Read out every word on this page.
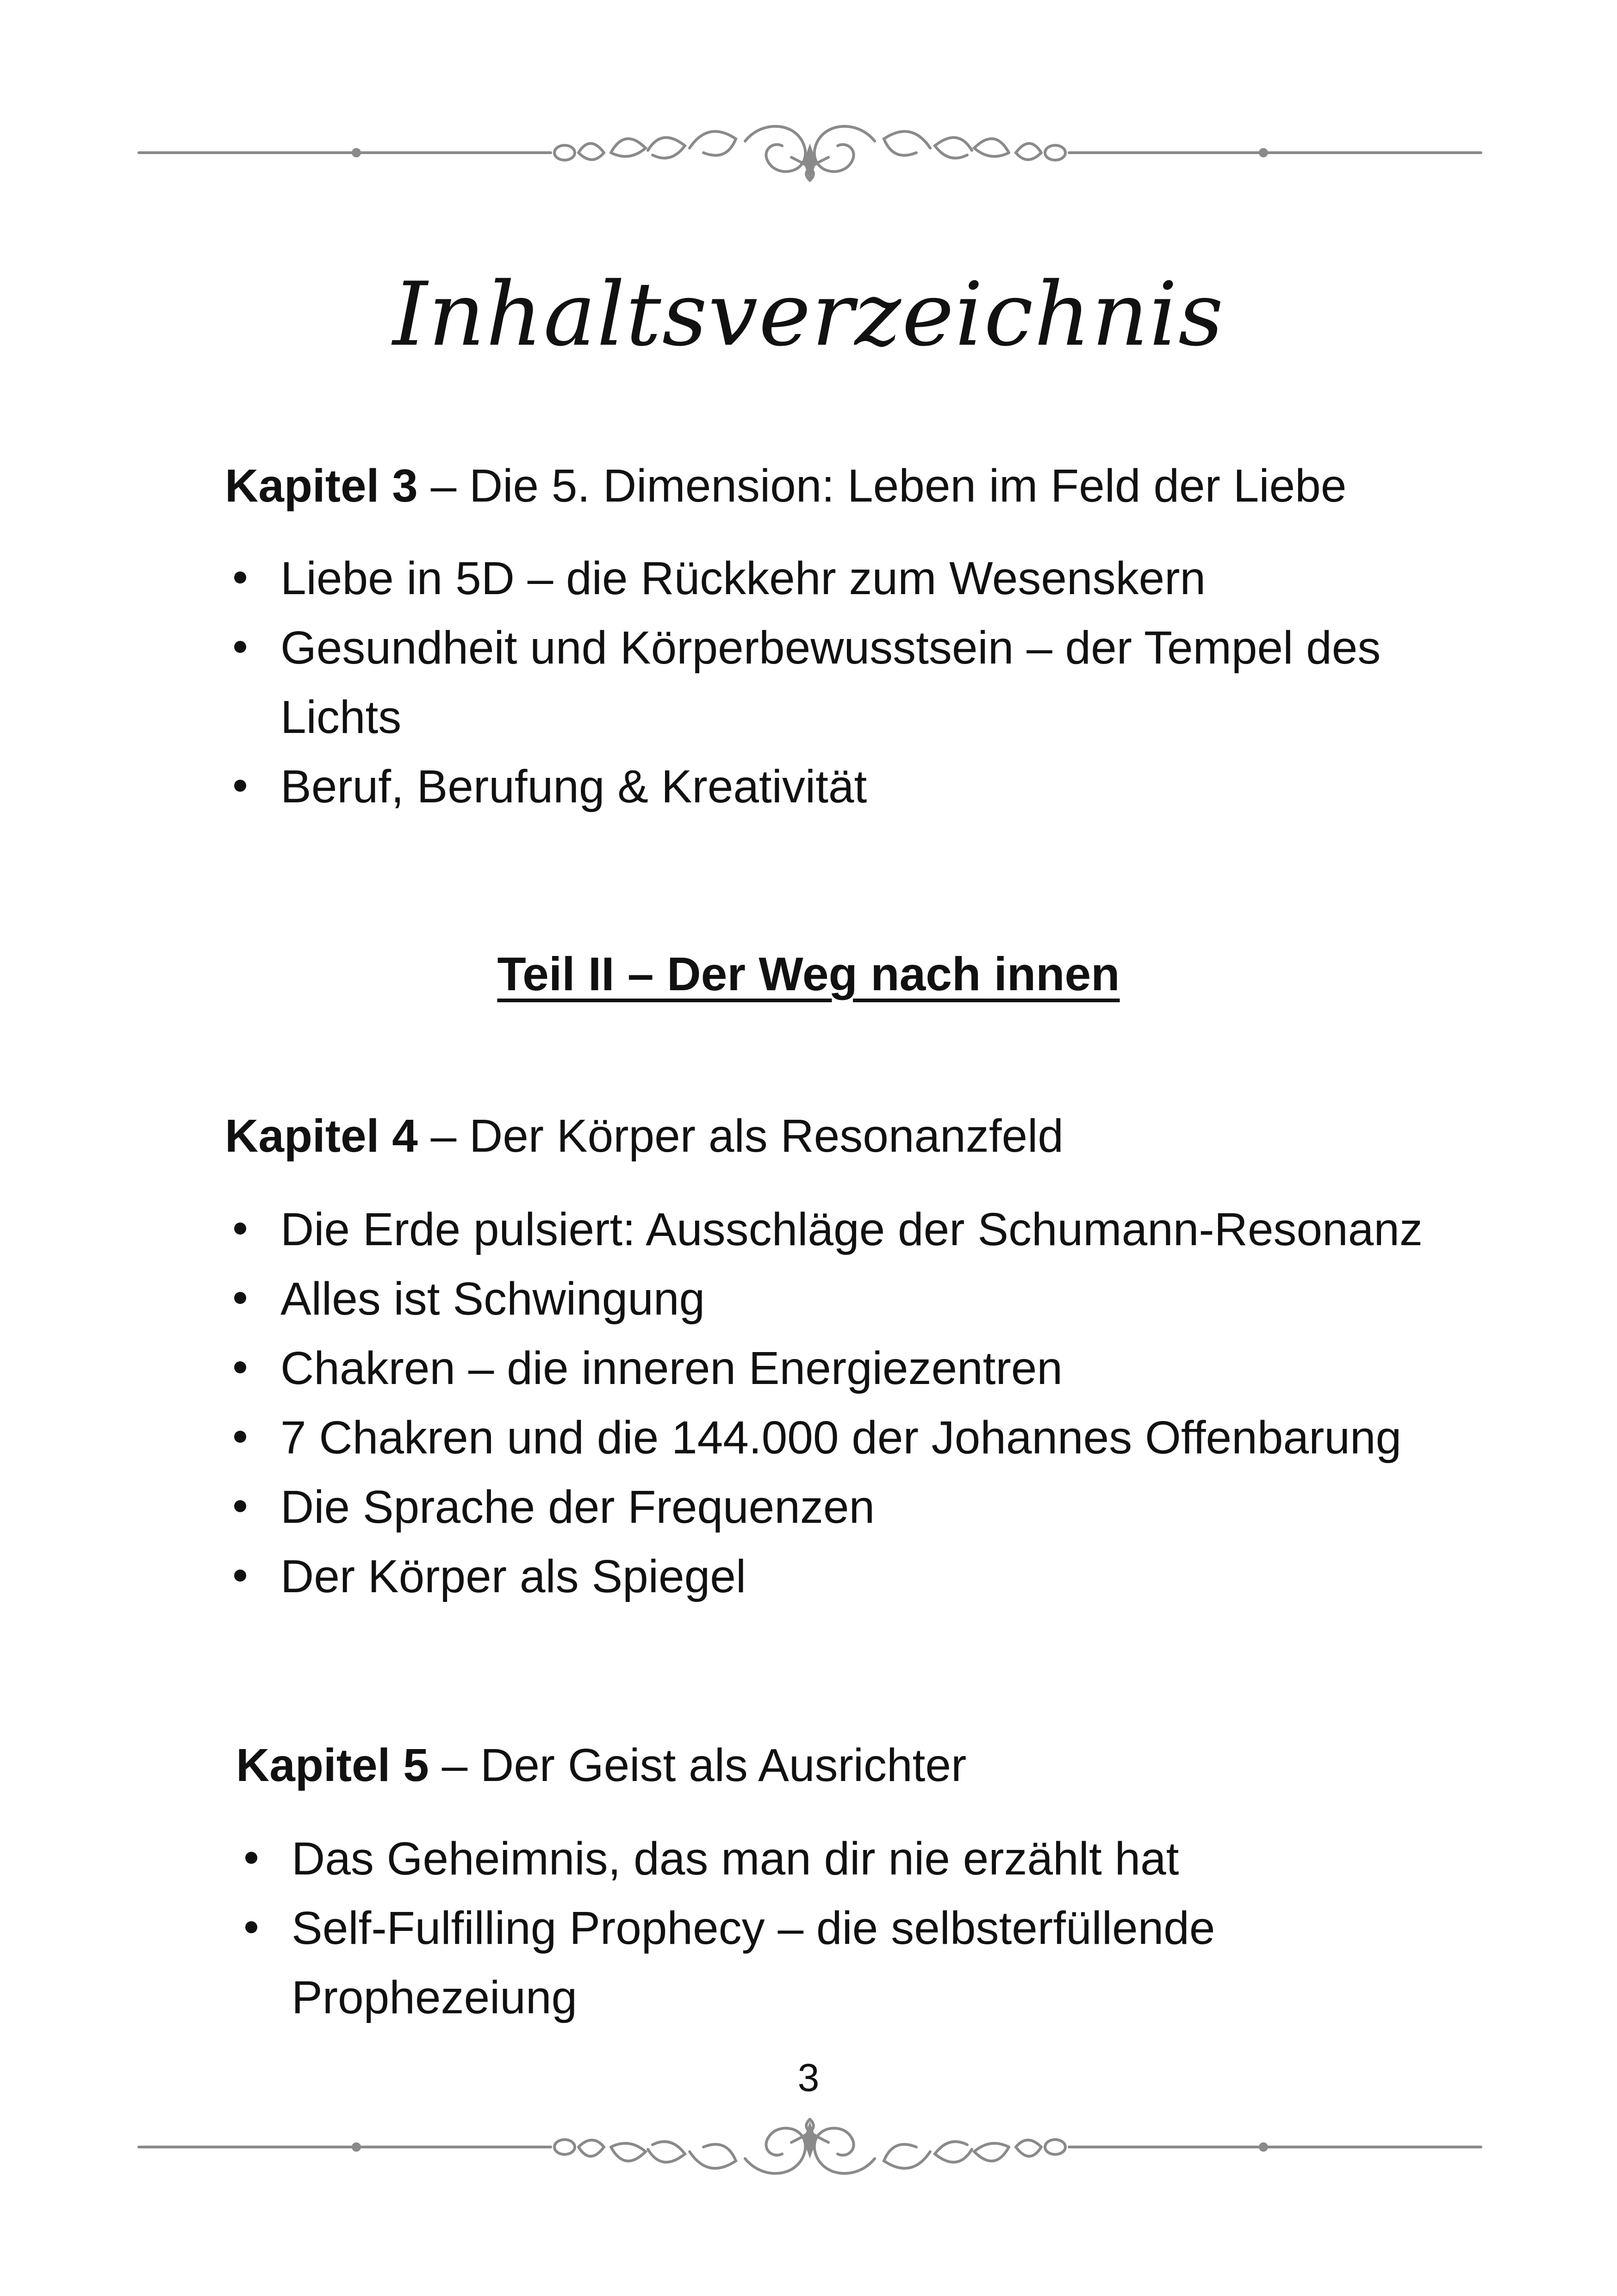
Inhaltsverzeichnis
Kapitel 3 – Die 5. Dimension: Leben im Feld der Liebe
Liebe in 5D – die Rückkehr zum Wesenskern
Gesundheit und Körperbewusstsein – der Tempel des
Lichts
Beruf, Berufung & Kreativität
Teil II – Der Weg nach innen
Kapitel 4 – Der Körper als Resonanzfeld
Die Erde pulsiert: Ausschläge der Schumann-Resonanz
Alles ist Schwingung
Chakren – die inneren Energiezentren
7 Chakren und die 144.000 der Johannes Offenbarung
Die Sprache der Frequenzen
Der Körper als Spiegel
Kapitel 5 – Der Geist als Ausrichter
Das Geheimnis, das man dir nie erzählt hat
Self-Fulfilling Prophecy – die selbsterfüllende
Prophezeiung
3
